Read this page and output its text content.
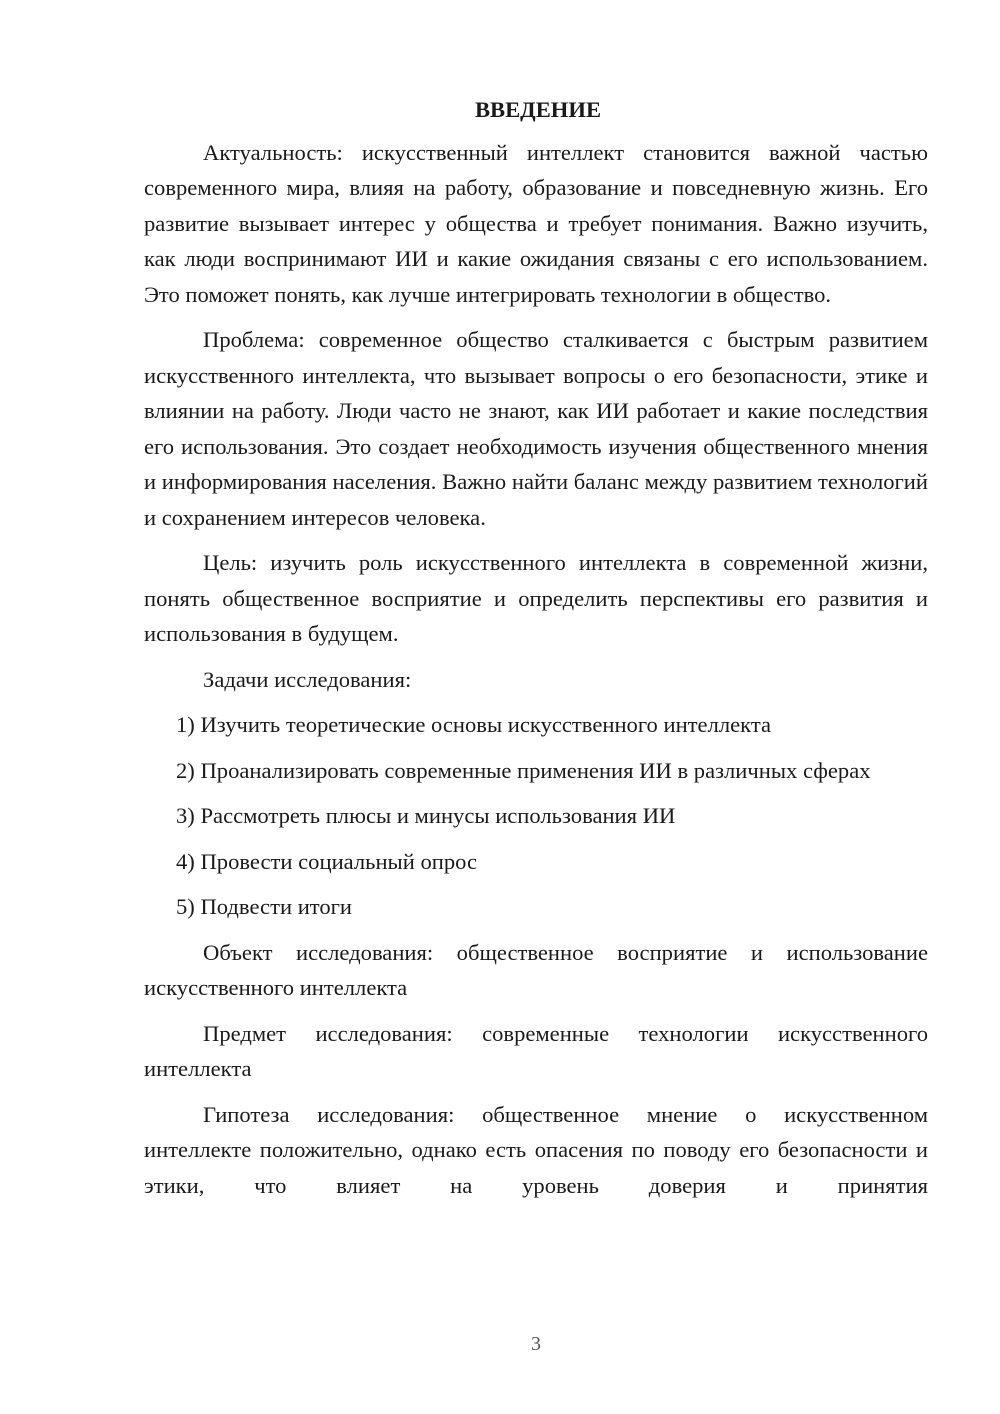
ВВЕДЕНИЕ

Актуальность: искусственный интеллект становится важной частью современного мира, влияя на работу, образование и повседневную жизнь. Его развитие вызывает интерес у общества и требует понимания. Важно изучить, как люди воспринимают ИИ и какие ожидания связаны с его использованием. Это поможет понять, как лучше интегрировать технологии в общество.

Проблема: современное общество сталкивается с быстрым развитием искусственного интеллекта, что вызывает вопросы о его безопасности, этике и влиянии на работу. Люди часто не знают, как ИИ работает и какие последствия его использования. Это создает необходимость изучения общественного мнения и информирования населения. Важно найти баланс между развитием технологий и сохранением интересов человека.

Цель: изучить роль искусственного интеллекта в современной жизни, понять общественное восприятие и определить перспективы его развития и использования в будущем.

Задачи исследования:

1) Изучить теоретические основы искусственного интеллекта
2) Проанализировать современные применения ИИ в различных сферах
3) Рассмотреть плюсы и минусы использования ИИ
4) Провести социальный опрос
5) Подвести итоги

Объект исследования: общественное восприятие и использование искусственного интеллекта

Предмет исследования: современные технологии искусственного интеллекта

Гипотеза исследования: общественное мнение о искусственном интеллекте положительно, однако есть опасения по поводу его безопасности и этики, что влияет на уровень доверия и принятия

3
